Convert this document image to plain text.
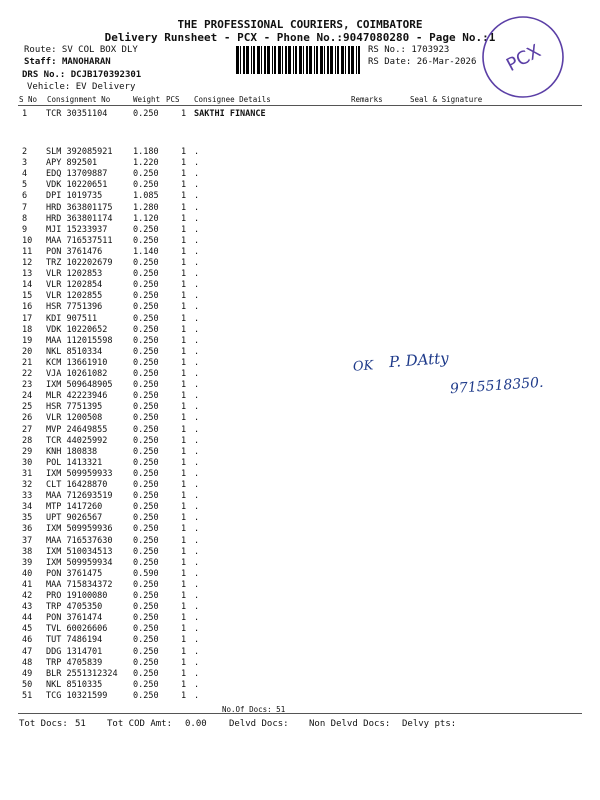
THE PROFESSIONAL COURIERS, COIMBATORE
Delivery Runsheet - PCX - Phone No.:9047080280 - Page No.:1
Route: SV COL BOX DLY
Staff: MANOHARAN
DRS No.: DCJB170392301
Vehicle: EV Delivery
RS No.: 1703923
RS Date: 26-Mar-2026 PCX
S No Consignment No	Weight PCS Consignee Details	Remarks	Seal & Signature
1 TCR 30351104	0.250	1 SAKTHI FINANCE
2 SLM 392085921 1.180	1 .
3 APY 892501	1.220	1 .
4 EDQ 13709887	0.250	1 .
5 VDK 10220651	0.250	1 .
6 DPI 1019735	1.085	1 .
7 HRD 363801175 1.280	1 .
8 HRD 363801174 1.120	1 .
9 MJI 15233937	0.250	1 .
10 MAA 716537511 0.250	1 .
11 PON 3761476	1.140	1 .
12 TRZ 102202679 0.250	1 .
13 VLR 1202853	0.250	1 .
14 VLR 1202854	0.250	1 .
15 VLR 1202855	0.250	1 .
16 HSR 7751396	0.250	1 .
17 KDI 907511	0.250	1 .
18 VDK 10220652	0.250	1 .
19 MAA 112015598 0.250	1 .
20 NKL 8510334	0.250	1 .
21 KCM 13661910	0.250	1 .
22 VJA 10261082	0.250	1 .
23 IXM 509648905 0.250	1 .
24 MLR 42223946	0.250	1 .
25 HSR 7751395	0.250	1 .
26 VLR 1200508	0.250	1 .
27 MVP 24649855	0.250	1 .
28 TCR 44025992	0.250	1 .
29 KNH 180838	0.250	1 .
30 POL 1413321	0.250	1 .
31 IXM 509959933 0.250	1 .
32 CLT 16428870	0.250	1 .
33 MAA 712693519 0.250	1 .
34 MTP 1417260	0.250	1 .
35 UPT 9026567	0.250	1 .
36 IXM 509959936 0.250	1 .
37 MAA 716537630 0.250	1 .
38 IXM 510034513 0.250	1 .
39 IXM 509959934 0.250	1 .
40 PON 3761475	0.590	1 .
41 MAA 715834372 0.250	1 .
42 PRO 19100080	0.250	1 .
43 TRP 4705350	0.250	1 .
44 PON 3761474	0.250	1 .
45 TVL 60026606	0.250	1 .
46 TUT 7486194	0.250	1 .
47 DDG 1314701	0.250	1 .
48 TRP 4705839	0.250	1 .
49 BLR 2551312324 0.250	1 .
50 NKL 8510335	0.250	1 .
51 TCG 10321599	0.250	1 .
No.Of Docs: 51
Tot Docs: 51 Tot COD Amt: 0.00 Delvd Docs: Non Delvd Docs: Delvy pts:
OK P. DAtty
9715518350.
